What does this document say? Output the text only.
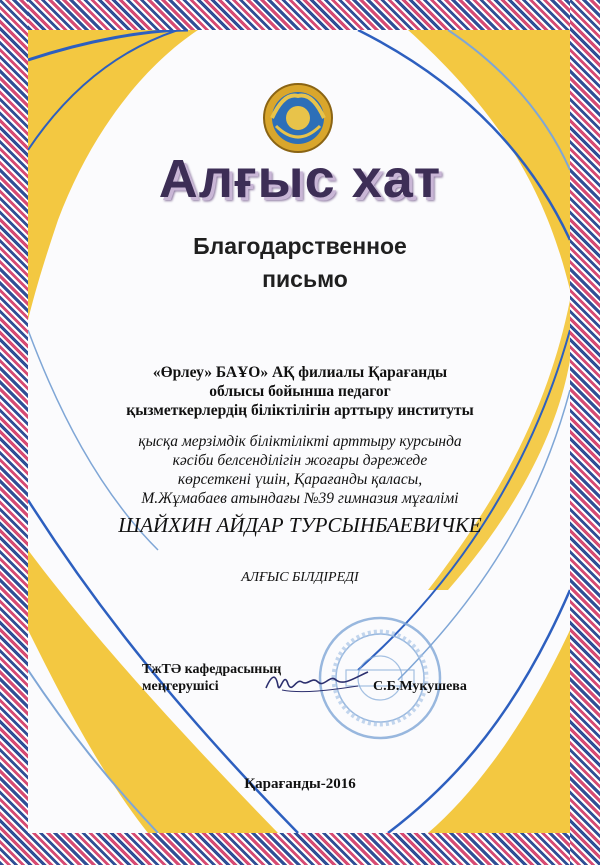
Алғыс хат
Благодарственное
письмо
«Өрлеу» БАҰО» АҚ филиалы Қарағанды
облысы бойынша педагог
қызметкерлердің біліктілігін арттыру институты
қысқа мерзімдік біліктілікті арттыру курсында
кәсіби белсенділігін жоғары дәрежеде
көрсеткені үшін, Қарағанды қаласы,
М.Жұмабаев атындағы №39 гимназия мұғалімі
ШАЙХИН АЙДАР ТУРСЫНБАЕВИЧКЕ
АЛҒЫС БІЛДІРЕДІ
ТжТӘ кафедрасының
меңгерушісі	С.Б.Мукушева
Қарағанды-2016
